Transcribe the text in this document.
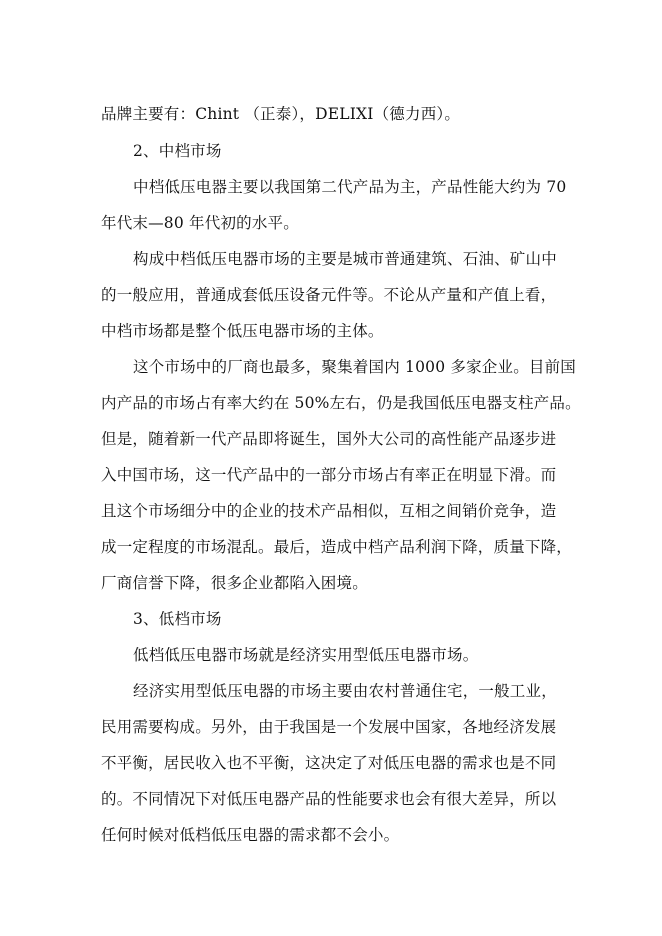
品牌主要有：Chint （正泰），DELIXI（德力西）。
2、中档市场
中档低压电器主要以我国第二代产品为主，产品性能大约为 70
年代末—80 年代初的水平。
构成中档低压电器市场的主要是城市普通建筑、石油、矿山中
的一般应用，普通成套低压设备元件等。不论从产量和产值上看，
中档市场都是整个低压电器市场的主体。
这个市场中的厂商也最多，聚集着国内 1000 多家企业。目前国
内产品的市场占有率大约在 50%左右，仍是我国低压电器支柱产品。
但是，随着新一代产品即将诞生，国外大公司的高性能产品逐步进
入中国市场，这一代产品中的一部分市场占有率正在明显下滑。而
且这个市场细分中的企业的技术产品相似，互相之间销价竞争，造
成一定程度的市场混乱。最后，造成中档产品利润下降，质量下降，
厂商信誉下降，很多企业都陷入困境。
3、低档市场
低档低压电器市场就是经济实用型低压电器市场。
经济实用型低压电器的市场主要由农村普通住宅，一般工业，
民用需要构成。另外，由于我国是一个发展中国家，各地经济发展
不平衡，居民收入也不平衡，这决定了对低压电器的需求也是不同
的。不同情况下对低压电器产品的性能要求也会有很大差异，所以
任何时候对低档低压电器的需求都不会小。
